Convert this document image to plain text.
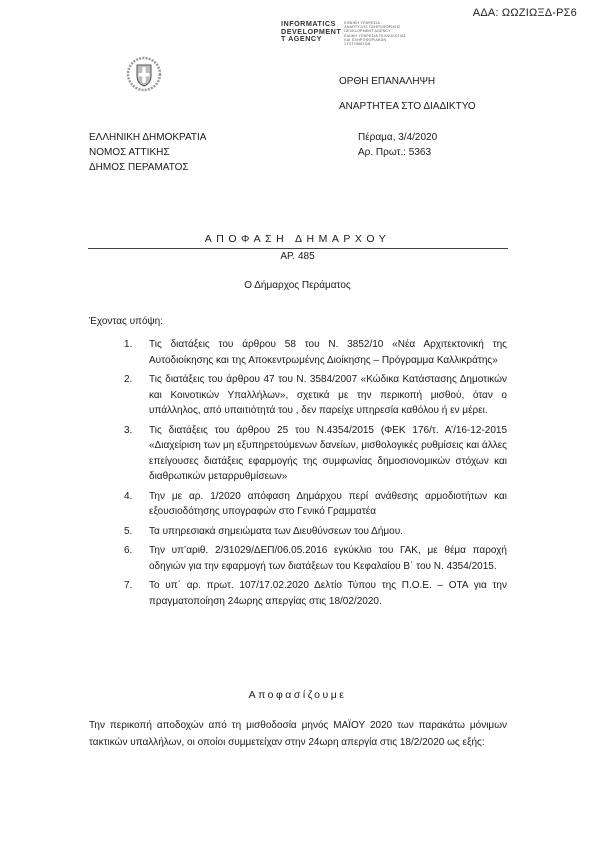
ΑΔΑ: ΩΩΖΙΩΞΔ-ΡΣ6
INFORMATICS
DEVELOPMENT
T AGENCY
ΕΘΝΙΚΗ ΥΠΗΡΕΣΙΑ
ΑΝΑΠΤΥΞΗΣ ΠΛΗΡΟΦΟΡΙΚΗΣ
DEVELOPMENT AGENCY
ΕΙΔΙΚΗ ΥΠΗΡΕΣΙΑ ΤΕΧΝΟΛΟΓΙΑΣ
ΚΑΙ ΠΛΗΡΟΦΟΡΙΑΚΩΝ
ΣΥΣΤΗΜΑΤΩΝ
ΟΡΘΗ ΕΠΑΝΑΛΗΨΗ
ΑΝΑΡΤΗΤΕΑ ΣΤΟ ΔΙΑΔΙΚΤΥΟ
ΕΛΛΗΝΙΚΗ ΔΗΜΟΚΡΑΤΙΑ
ΝΟΜΟΣ ΑΤΤΙΚΗΣ
ΔΗΜΟΣ ΠΕΡΑΜΑΤΟΣ
Πέραμα, 3/4/2020
Αρ. Πρωτ.: 5363
ΑΠΟΦΑΣΗ ΔΗΜΑΡΧΟΥ
ΑΡ. 485
Ο Δήμαρχος Περάματος
Έχοντας υπόψη:
1. Τις διατάξεις του άρθρου 58 του Ν. 3852/10 «Νέα Αρχιτεκτονική της Αυτοδιοίκησης και της Αποκεντρωμένης Διοίκησης – Πρόγραμμα Καλλικράτης»
2. Τις διατάξεις του άρθρου 47 του Ν. 3584/2007 «Κώδικα Κατάστασης Δημοτικών και Κοινοτικών Υπαλλήλων», σχετικά με την περικοπή μισθού, όταν ο υπάλληλος, από υπαιτιότητά του , δεν παρείχε υπηρεσία καθόλου ή εν μέρει.
3. Τις διατάξεις του άρθρου 25 του Ν.4354/2015 (ΦΕΚ 176/τ. Α’/16-12-2015 «Διαχείριση των μη εξυπηρετούμενων δανείων, μισθολογικές ρυθμίσεις και άλλες επείγουσες διατάξεις εφαρμογής της συμφωνίας δημοσιονομικών στόχων και διαθρωτικών μεταρρυθμίσεων»
4. Την με αρ. 1/2020 απόφαση Δημάρχου περί ανάθεσης αρμοδιοτήτων και εξουσιοδότησης υπογραφών στο Γενικό Γραμματέα
5. Τα υπηρεσιακά σημειώματα των Διευθύνσεων του Δήμου.
6. Την υπ’αριθ. 2/31029/ΔΕΠ/06.05.2016 εγκύκλιο του ΓΑΚ, με θέμα παροχή οδηγιών για την εφαρμογή των διατάξεων του Κεφαλαίου Β΄ του Ν. 4354/2015.
7. Το υπ΄ αρ. πρωτ. 107/17.02.2020 Δελτίο Τύπου της Π.Ο.Ε. – ΟΤΑ για την πραγματοποίηση 24ωρης απεργίας στις 18/02/2020.
Αποφασίζουμε
Την περικοπή αποδοχών από τη μισθοδοσία μηνός ΜΑΪΟΥ 2020 των παρακάτω μόνιμων τακτικών υπαλλήλων, οι οποίοι συμμετείχαν στην 24ωρη απεργία στις 18/2/2020 ως εξής:
